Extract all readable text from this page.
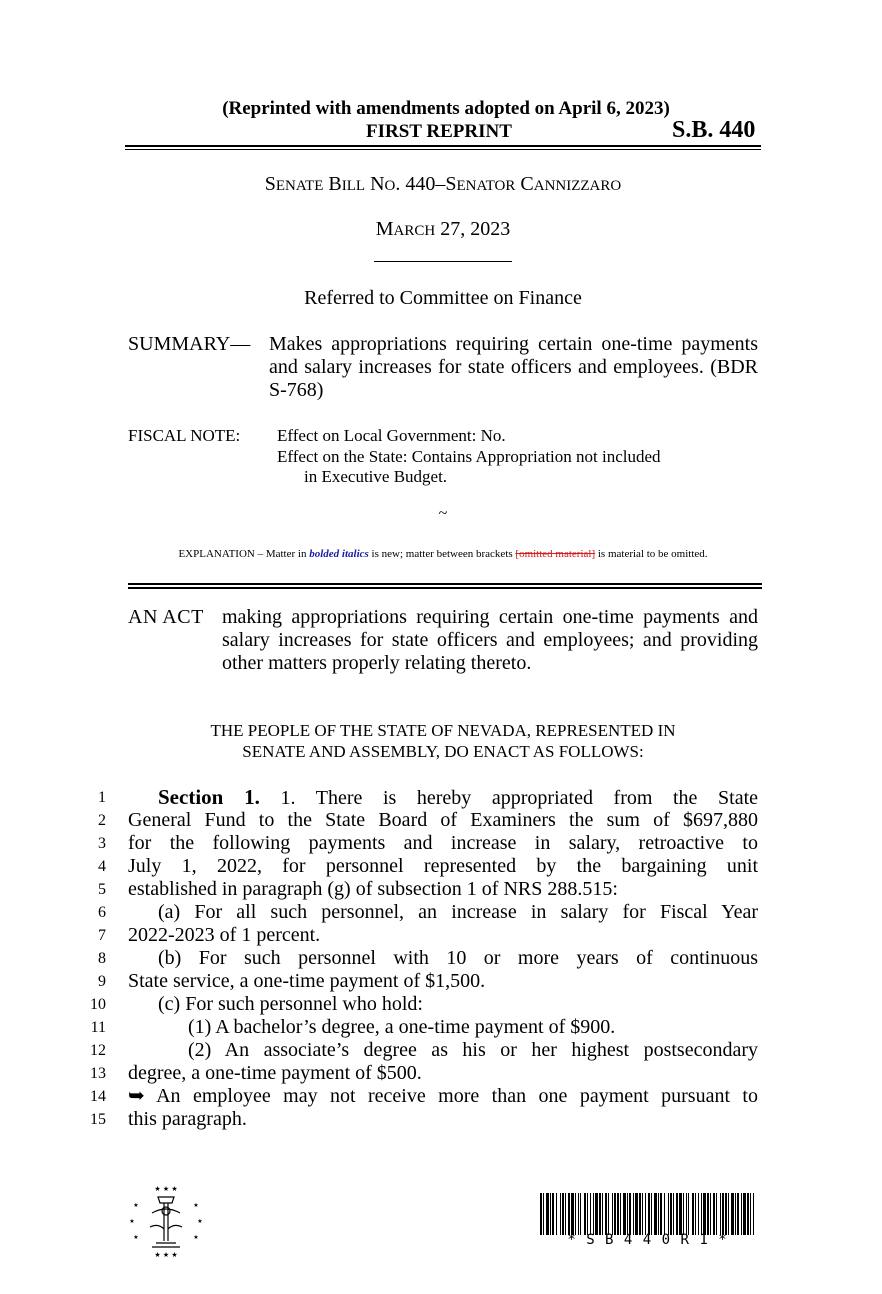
(Reprinted with amendments adopted on April 6, 2023)
FIRST REPRINT	S.B. 440
SENATE BILL NO. 440–SENATOR CANNIZZARO
MARCH 27, 2023
Referred to Committee on Finance
SUMMARY— Makes appropriations requiring certain one-time payments and salary increases for state officers and employees. (BDR S-768)
FISCAL NOTE: Effect on Local Government: No.
Effect on the State: Contains Appropriation not included
in Executive Budget.
~
EXPLANATION – Matter in bolded italics is new; matter between brackets [omitted material] is material to be omitted.
AN ACT making appropriations requiring certain one-time payments and salary increases for state officers and employees; and providing other matters properly relating thereto.
THE PEOPLE OF THE STATE OF NEVADA, REPRESENTED IN
SENATE AND ASSEMBLY, DO ENACT AS FOLLOWS:
1	Section 1. 1. There is hereby appropriated from the State
2 General Fund to the State Board of Examiners the sum of $697,880
3 for the following payments and increase in salary, retroactive to
4 July 1, 2022, for personnel represented by the bargaining unit
5 established in paragraph (g) of subsection 1 of NRS 288.515:
6	(a) For all such personnel, an increase in salary for Fiscal Year
7 2022-2023 of 1 percent.
8	(b) For such personnel with 10 or more years of continuous
9 State service, a one-time payment of $1,500.
10	(c) For such personnel who hold:
11	(1) A bachelor’s degree, a one-time payment of $900.
12	(2) An associate’s degree as his or her highest postsecondary
13 degree, a one-time payment of $500.
14 ➥ An employee may not receive more than one payment pursuant to
15 this paragraph.
★ ★ ★
★	★
★	★
★	★
★ ★ ★
* S B 4 4 0 R 1 *
